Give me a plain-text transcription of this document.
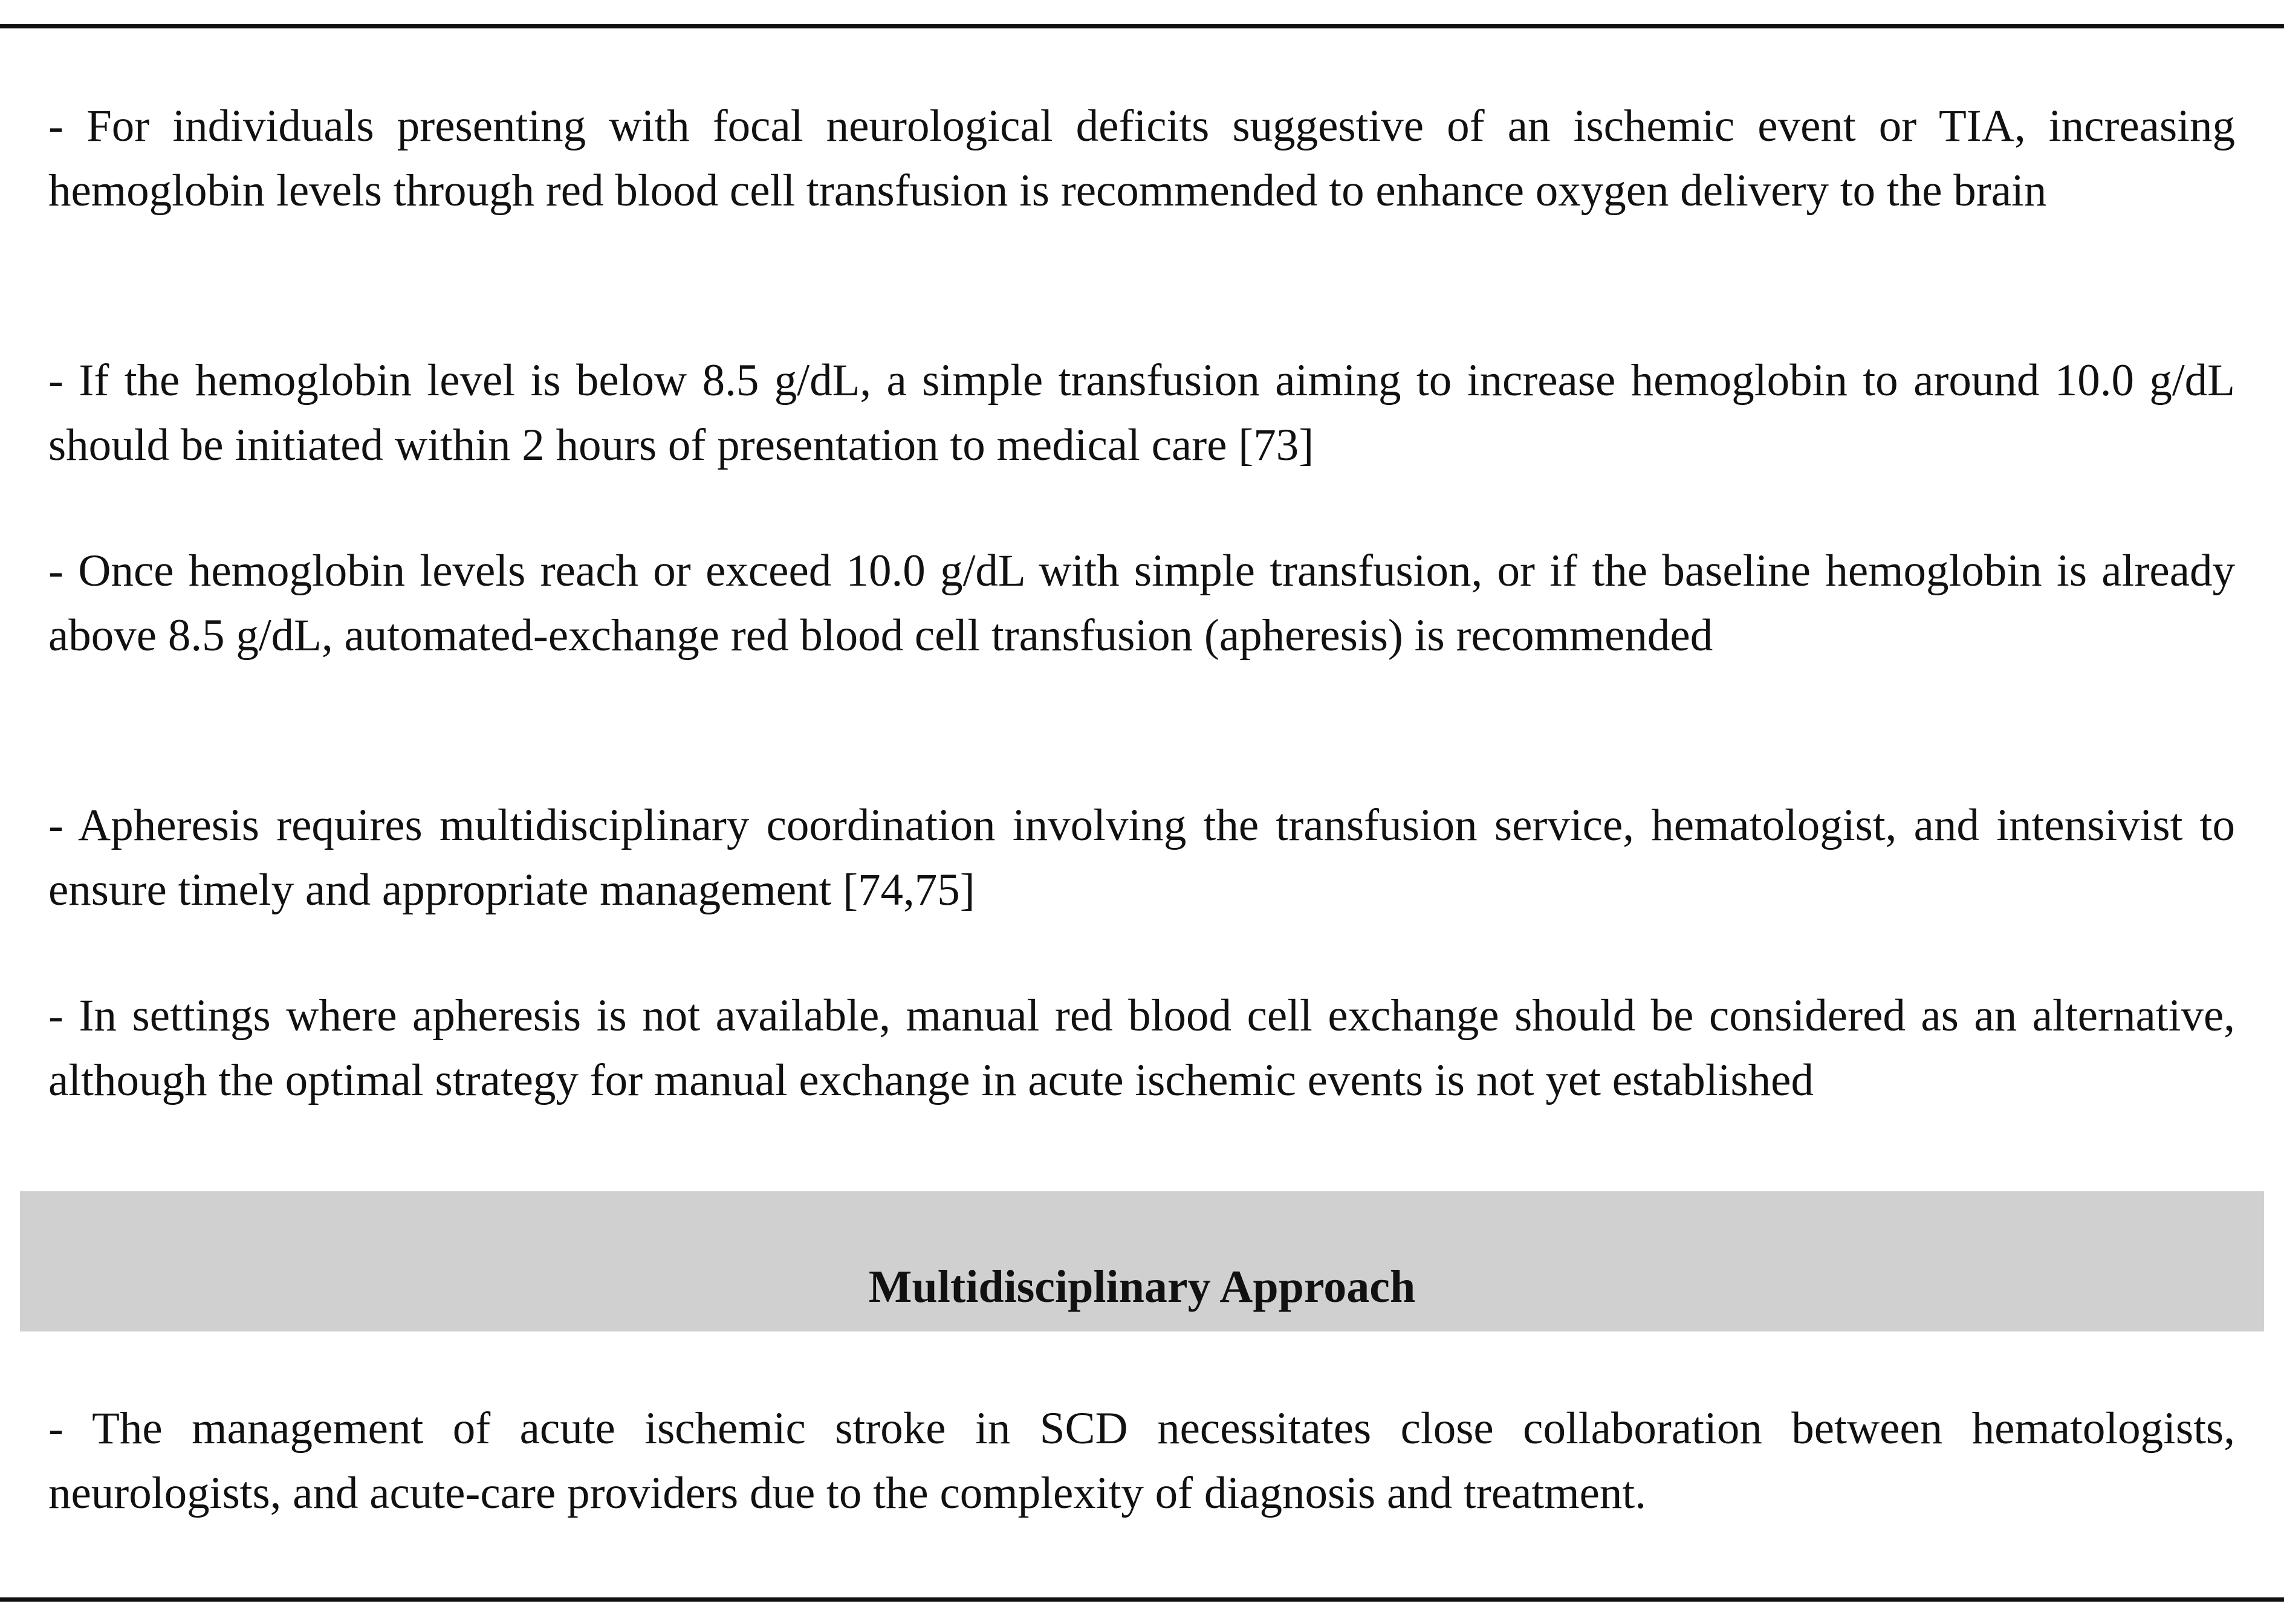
- For individuals presenting with focal neurological deficits suggestive of an ischemic event or TIA, increasing hemoglobin levels through red blood cell transfusion is recommended to enhance oxygen delivery to the brain

- If the hemoglobin level is below 8.5 g/dL, a simple transfusion aiming to increase hemoglobin to around 10.0 g/dL should be initiated within 2 hours of presentation to medical care [73]

- Once hemoglobin levels reach or exceed 10.0 g/dL with simple transfusion, or if the baseline hemoglobin is already above 8.5 g/dL, automated-exchange red blood cell transfusion (apheresis) is recommended

- Apheresis requires multidisciplinary coordination involving the transfusion service, hematologist, and intensivist to ensure timely and appropriate management [74,75]

- In settings where apheresis is not available, manual red blood cell exchange should be considered as an alternative, although the optimal strategy for manual exchange in acute ischemic events is not yet established

Multidisciplinary Approach

- The management of acute ischemic stroke in SCD necessitates close collaboration between hematologists, neurologists, and acute-care providers due to the complexity of diagnosis and treatment.
